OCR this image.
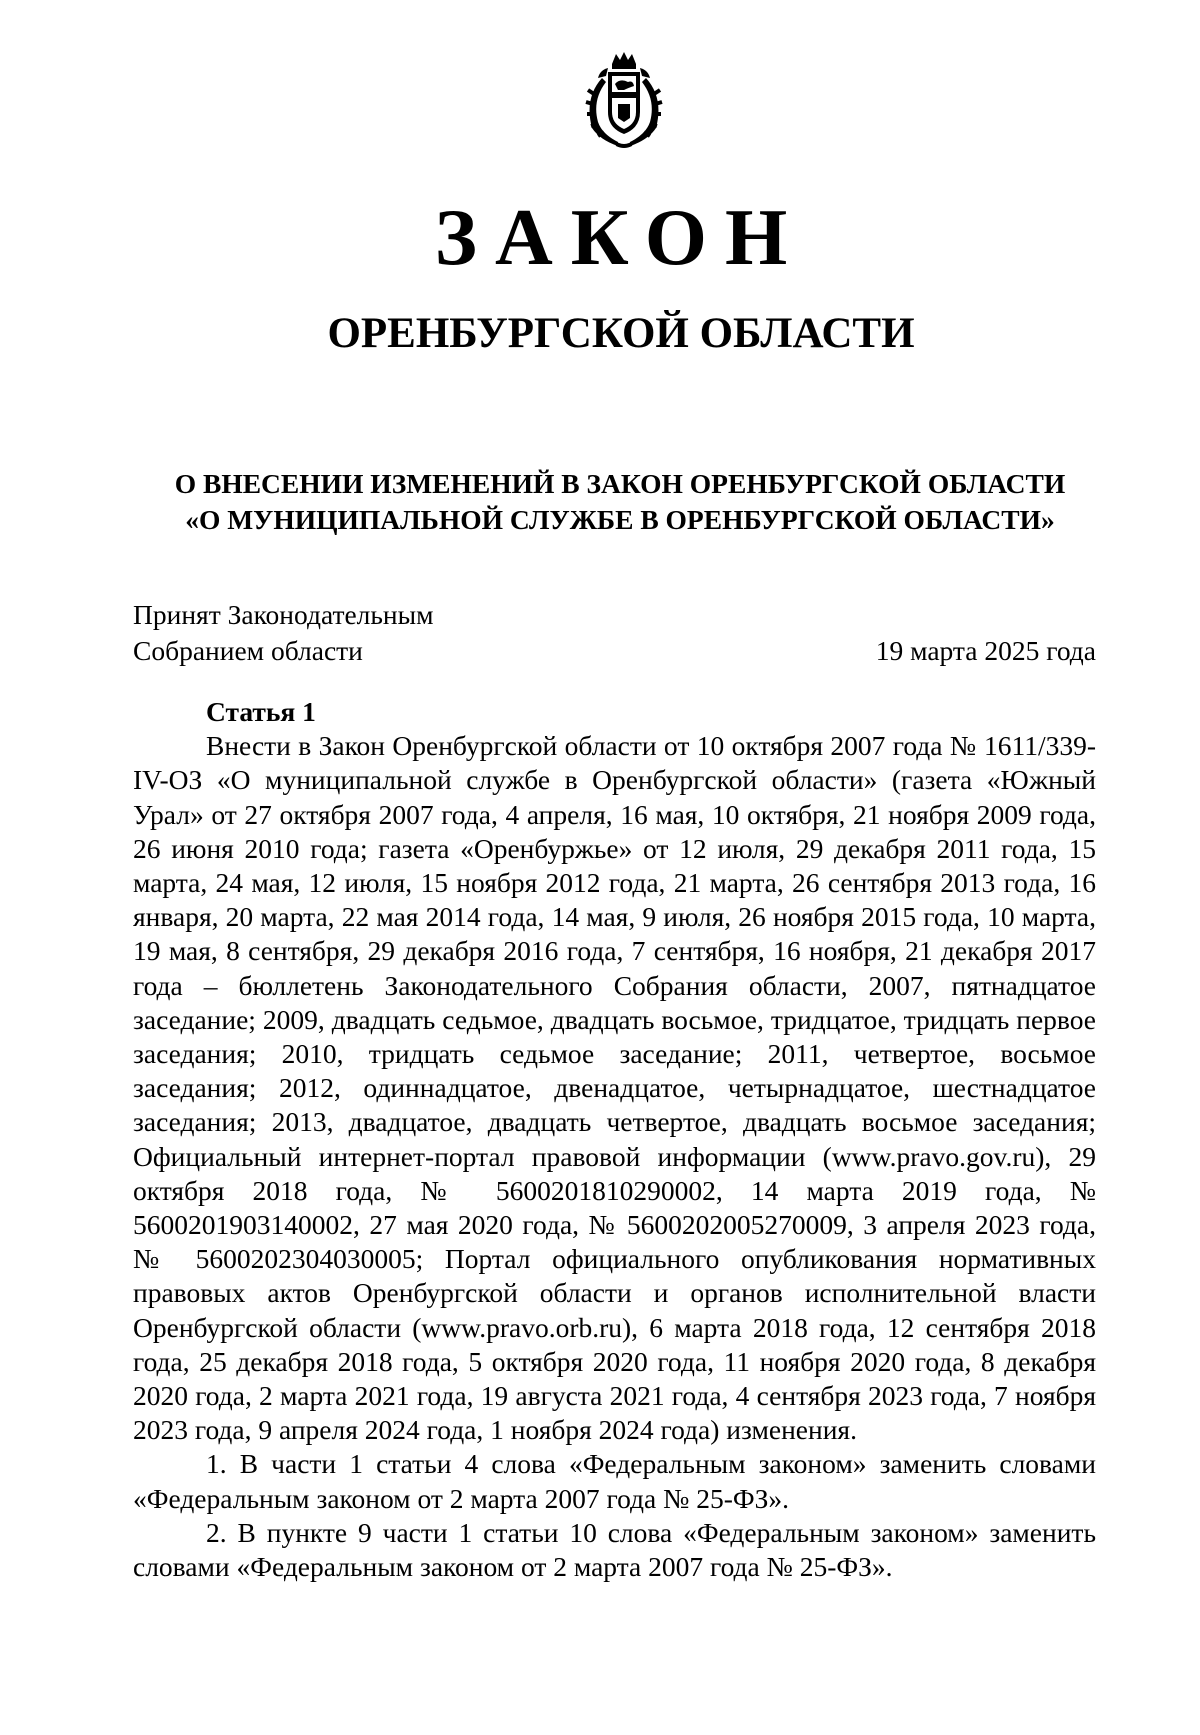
ЗАКОН
ОРЕНБУРГСКОЙ ОБЛАСТИ
О ВНЕСЕНИИ ИЗМЕНЕНИЙ В ЗАКОН ОРЕНБУРГСКОЙ ОБЛАСТИ
«О МУНИЦИПАЛЬНОЙ СЛУЖБЕ В ОРЕНБУРГСКОЙ ОБЛАСТИ»
Принят Законодательным
Собранием области	19 марта 2025 года
Статья 1

Внести в Закон Оренбургской области от 10 октября 2007 года № 1611/339-IV-ОЗ «О муниципальной службе в Оренбургской области» (газета «Южный Урал» от 27 октября 2007 года, 4 апреля, 16 мая, 10 октября, 21 ноября 2009 года, 26 июня 2010 года; газета «Оренбуржье» от 12 июля, 29 декабря 2011 года, 15 марта, 24 мая, 12 июля, 15 ноября 2012 года, 21 марта, 26 сентября 2013 года, 16 января, 20 марта, 22 мая 2014 года, 14 мая, 9 июля, 26 ноября 2015 года, 10 марта, 19 мая, 8 сентября, 29 декабря 2016 года, 7 сентября, 16 ноября, 21 декабря 2017 года – бюллетень Законодательного Собрания области, 2007, пятнадцатое заседание; 2009, двадцать седьмое, двадцать восьмое, тридцатое, тридцать первое заседания; 2010, тридцать седьмое заседание; 2011, четвертое, восьмое заседания; 2012, одиннадцатое, двенадцатое, четырнадцатое, шестнадцатое заседания; 2013, двадцатое, двадцать четвертое, двадцать восьмое заседания; Официальный интернет-портал правовой информации (www.pravo.gov.ru), 29 октября 2018 года, № 5600201810290002, 14 марта 2019 года, № 5600201903140002, 27 мая 2020 года, № 5600202005270009, 3 апреля 2023 года, № 5600202304030005; Портал официального опубликования нормативных правовых актов Оренбургской области и органов исполнительной власти Оренбургской области (www.pravo.orb.ru), 6 марта 2018 года, 12 сентября 2018 года, 25 декабря 2018 года, 5 октября 2020 года, 11 ноября 2020 года, 8 декабря 2020 года, 2 марта 2021 года, 19 августа 2021 года, 4 сентября 2023 года, 7 ноября 2023 года, 9 апреля 2024 года, 1 ноября 2024 года) изменения.

1. В части 1 статьи 4 слова «Федеральным законом» заменить словами «Федеральным законом от 2 марта 2007 года № 25-ФЗ».

2. В пункте 9 части 1 статьи 10 слова «Федеральным законом» заменить словами «Федеральным законом от 2 марта 2007 года № 25-ФЗ».
